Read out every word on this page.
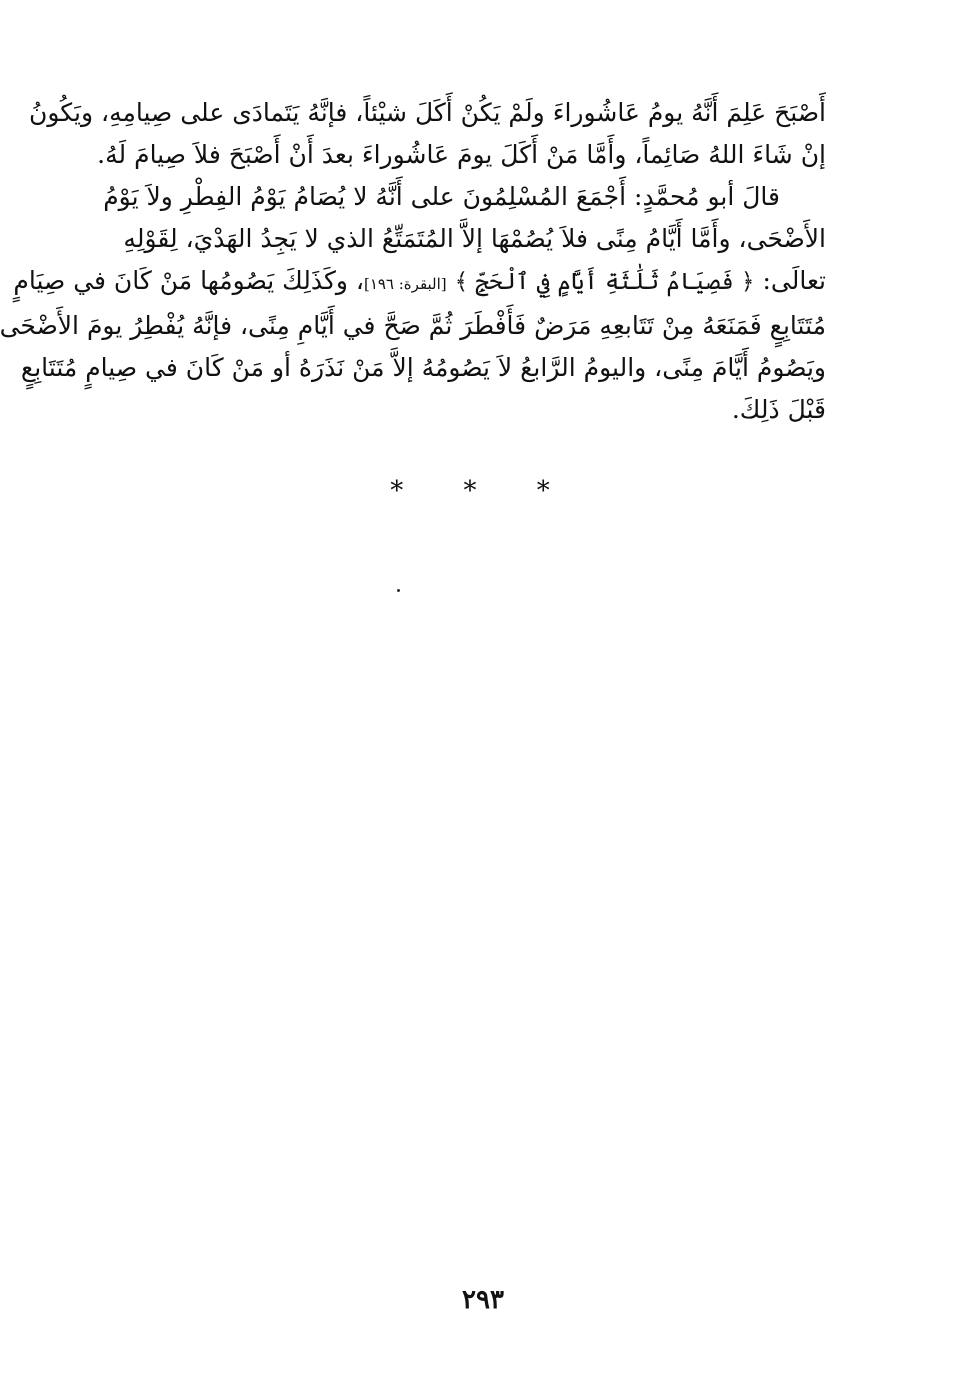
أَصْبَحَ عَلِمَ أَنَّهُ يومُ عَاشُوراءَ ولَمْ يَكُنْ أَكَلَ شيْئاً، فإنَّهُ يَتَمادَى على صِيامِهِ، ويَكُونُ
إنْ شَاءَ اللهُ صَائِماً، وأَمَّا مَنْ أَكَلَ يومَ عَاشُوراءَ بعدَ أَنْ أَصْبَحَ فلاَ صِيامَ لَهُ.

قالَ أبو مُحمَّدٍ: أَجْمَعَ المُسْلِمُونَ على أَنَّهُ لا يُصَامُ يَوْمُ الفِطْرِ ولاَ يَوْمُ
الأَضْحَى، وأَمَّا أَيَّامُ مِنًى فلاَ يُصُمْهَا إلاَّ المُتَمَتِّعُ الذي لا يَجِدُ الهَدْيَ، لِقَوْلِهِ
تعالَى: ﴿ فَصِيَامُ ثَلَٰثَةِ أَيَّامٍ فِي ٱلْحَجِّ ﴾ [البقرة: ١٩٦]، وكَذَلِكَ يَصُومُها مَنْ كَانَ في صِيَامٍ
مُتَتَابِعٍ فَمَنَعَهُ مِنْ تَتَابعِهِ مَرَضٌ فَأَفْطَرَ ثُمَّ صَحَّ في أَيَّامِ مِنًى، فإنَّهُ يُفْطِرُ يومَ الأَضْحَى
ويَصُومُ أَيَّامَ مِنًى، واليومُ الرَّابعُ لاَ يَصُومُهُ إلاَّ مَنْ نَذَرَهُ أو مَنْ كَانَ في صِيامٍ مُتَتَابِعٍ
قَبْلَ ذَلِكَ.

* * *
٢٩٣
